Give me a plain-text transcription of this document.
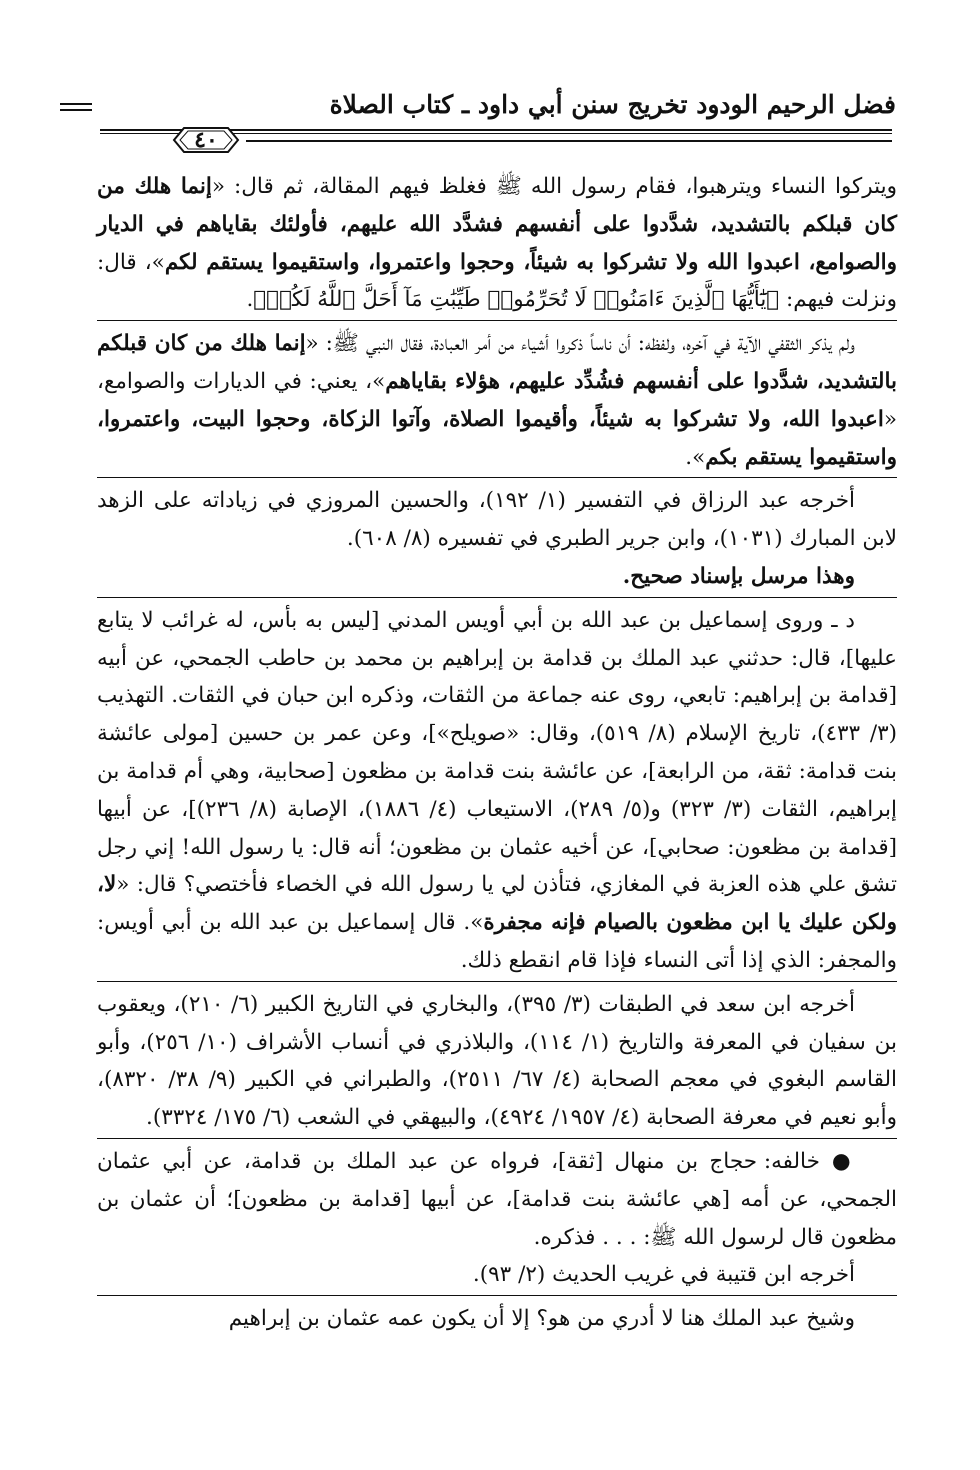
فضل الرحيم الودود تخريج سنن أبي داود ـ كتاب الصلاة
٤٠

ويتركوا النساء ويترهبوا، فقام رسول الله ﷺ فغلظ فيهم المقالة، ثم قال: «إنما هلك من كان قبلكم بالتشديد، شدَّدوا على أنفسهم فشدَّد الله عليهم، فأولئك بقاياهم في الديار والصوامع، اعبدوا الله ولا تشركوا به شيئاً، وحجوا واعتمروا، واستقيموا يستقم لكم»، قال: ونزلت فيهم: ﴿يَٰٓأَيُّهَا ٱلَّذِينَ ءَامَنُوا۟ لَا تُحَرِّمُوا۟ طَيِّبَٰتِ مَآ أَحَلَّ ٱللَّهُ لَكُمۡ﴾.

ولم يذكر الثقفي الآية في آخره، ولفظه: أن ناساً ذكروا أشياء من أمر العبادة، فقال النبي ﷺ: «إنما هلك من كان قبلكم بالتشديد، شدَّدوا على أنفسهم فشُدِّد عليهم، هؤلاء بقاياهم»، يعني: في الديارات والصوامع، «اعبدوا الله، ولا تشركوا به شيئاً، وأقيموا الصلاة، وآتوا الزكاة، وحجوا البيت، واعتمروا، واستقيموا يستقم بكم».

أخرجه عبد الرزاق في التفسير (١/ ١٩٢)، والحسين المروزي في زياداته على الزهد لابن المبارك (١٠٣١)، وابن جرير الطبري في تفسيره (٨/ ٦٠٨).

وهذا مرسل بإسناد صحيح.

د ـ وروى إسماعيل بن عبد الله بن أبي أويس المدني [ليس به بأس، له غرائب لا يتابع عليها]، قال: حدثني عبد الملك بن قدامة بن إبراهيم بن محمد بن حاطب الجمحي، عن أبيه [قدامة بن إبراهيم: تابعي، روى عنه جماعة من الثقات، وذكره ابن حبان في الثقات. التهذيب (٣/ ٤٣٣)، تاريخ الإسلام (٨/ ٥١٩)، وقال: «صويلح»]، وعن عمر بن حسين [مولى عائشة بنت قدامة: ثقة، من الرابعة]، عن عائشة بنت قدامة بن مظعون [صحابية، وهي أم قدامة بن إبراهيم، الثقات (٣/ ٣٢٣) و(٥/ ٢٨٩)، الاستيعاب (٤/ ١٨٨٦)، الإصابة (٨/ ٢٣٦)]، عن أبيها [قدامة بن مظعون: صحابي]، عن أخيه عثمان بن مظعون؛ أنه قال: يا رسول الله! إني رجل تشق علي هذه العزبة في المغازي، فتأذن لي يا رسول الله في الخصاء فأختصي؟ قال: «لا، ولكن عليك يا ابن مظعون بالصيام فإنه مجفرة». قال إسماعيل بن عبد الله بن أبي أويس: والمجفر: الذي إذا أتى النساء فإذا قام انقطع ذلك.

أخرجه ابن سعد في الطبقات (٣/ ٣٩٥)، والبخاري في التاريخ الكبير (٦/ ٢١٠)، ويعقوب بن سفيان في المعرفة والتاريخ (١/ ١١٤)، والبلاذري في أنساب الأشراف (١٠/ ٢٥٦)، وأبو القاسم البغوي في معجم الصحابة (٤/ ٦٧/ ٢٥١١)، والطبراني في الكبير (٩/ ٣٨/ ٨٣٢٠)، وأبو نعيم في معرفة الصحابة (٤/ ١٩٥٧/ ٤٩٢٤)، والبيهقي في الشعب (٦/ ١٧٥/ ٣٣٢٤).

● خالفه: حجاج بن منهال [ثقة]، فرواه عن عبد الملك بن قدامة، عن أبي عثمان الجمحي، عن أمه [هي عائشة بنت قدامة]، عن أبيها [قدامة بن مظعون]؛ أن عثمان بن مظعون قال لرسول الله ﷺ: . . . فذكره.

أخرجه ابن قتيبة في غريب الحديث (٢/ ٩٣).

وشيخ عبد الملك هنا لا أدري من هو؟ إلا أن يكون عمه عثمان بن إبراهيم
